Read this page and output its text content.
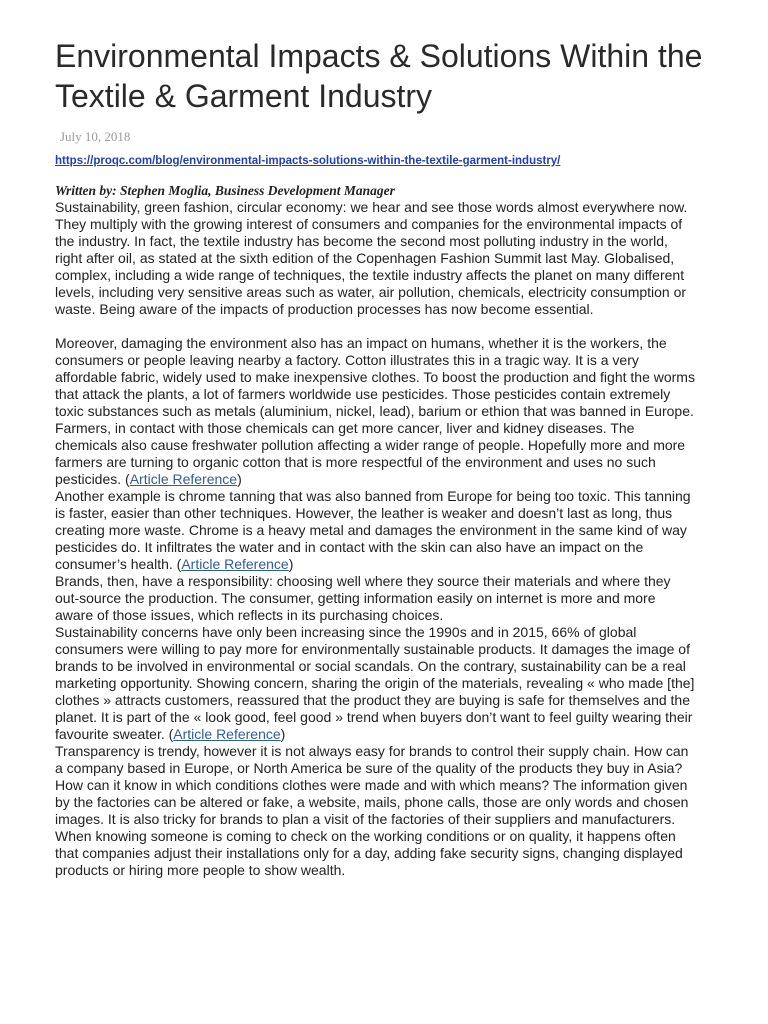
Environmental Impacts & Solutions Within the Textile & Garment Industry
July 10, 2018
https://proqc.com/blog/environmental-impacts-solutions-within-the-textile-garment-industry/
Written by: Stephen Moglia, Business Development Manager

Sustainability, green fashion, circular economy: we hear and see those words almost everywhere now. They multiply with the growing interest of consumers and companies for the environmental impacts of the industry. In fact, the textile industry has become the second most polluting industry in the world, right after oil, as stated at the sixth edition of the Copenhagen Fashion Summit last May. Globalised, complex, including a wide range of techniques, the textile industry affects the planet on many different levels, including very sensitive areas such as water, air pollution, chemicals, electricity consumption or waste. Being aware of the impacts of production processes has now become essential.

Moreover, damaging the environment also has an impact on humans, whether it is the workers, the consumers or people leaving nearby a factory. Cotton illustrates this in a tragic way. It is a very affordable fabric, widely used to make inexpensive clothes. To boost the production and fight the worms that attack the plants, a lot of farmers worldwide use pesticides. Those pesticides contain extremely toxic substances such as metals (aluminium, nickel, lead), barium or ethion that was banned in Europe. Farmers, in contact with those chemicals can get more cancer, liver and kidney diseases. The chemicals also cause freshwater pollution affecting a wider range of people. Hopefully more and more farmers are turning to organic cotton that is more respectful of the environment and uses no such pesticides. (Article Reference)

Another example is chrome tanning that was also banned from Europe for being too toxic. This tanning is faster, easier than other techniques. However, the leather is weaker and doesn’t last as long, thus creating more waste. Chrome is a heavy metal and damages the environment in the same kind of way pesticides do. It infiltrates the water and in contact with the skin can also have an impact on the consumer’s health. (Article Reference)

Brands, then, have a responsibility: choosing well where they source their materials and where they out-source the production. The consumer, getting information easily on internet is more and more aware of those issues, which reflects in its purchasing choices.

Sustainability concerns have only been increasing since the 1990s and in 2015, 66% of global consumers were willing to pay more for environmentally sustainable products. It damages the image of brands to be involved in environmental or social scandals. On the contrary, sustainability can be a real marketing opportunity. Showing concern, sharing the origin of the materials, revealing « who made [the] clothes » attracts customers, reassured that the product they are buying is safe for themselves and the planet. It is part of the « look good, feel good » trend when buyers don’t want to feel guilty wearing their favourite sweater. (Article Reference)

Transparency is trendy, however it is not always easy for brands to control their supply chain. How can a company based in Europe, or North America be sure of the quality of the products they buy in Asia? How can it know in which conditions clothes were made and with which means? The information given by the factories can be altered or fake, a website, mails, phone calls, those are only words and chosen images. It is also tricky for brands to plan a visit of the factories of their suppliers and manufacturers. When knowing someone is coming to check on the working conditions or on quality, it happens often that companies adjust their installations only for a day, adding fake security signs, changing displayed products or hiring more people to show wealth.
